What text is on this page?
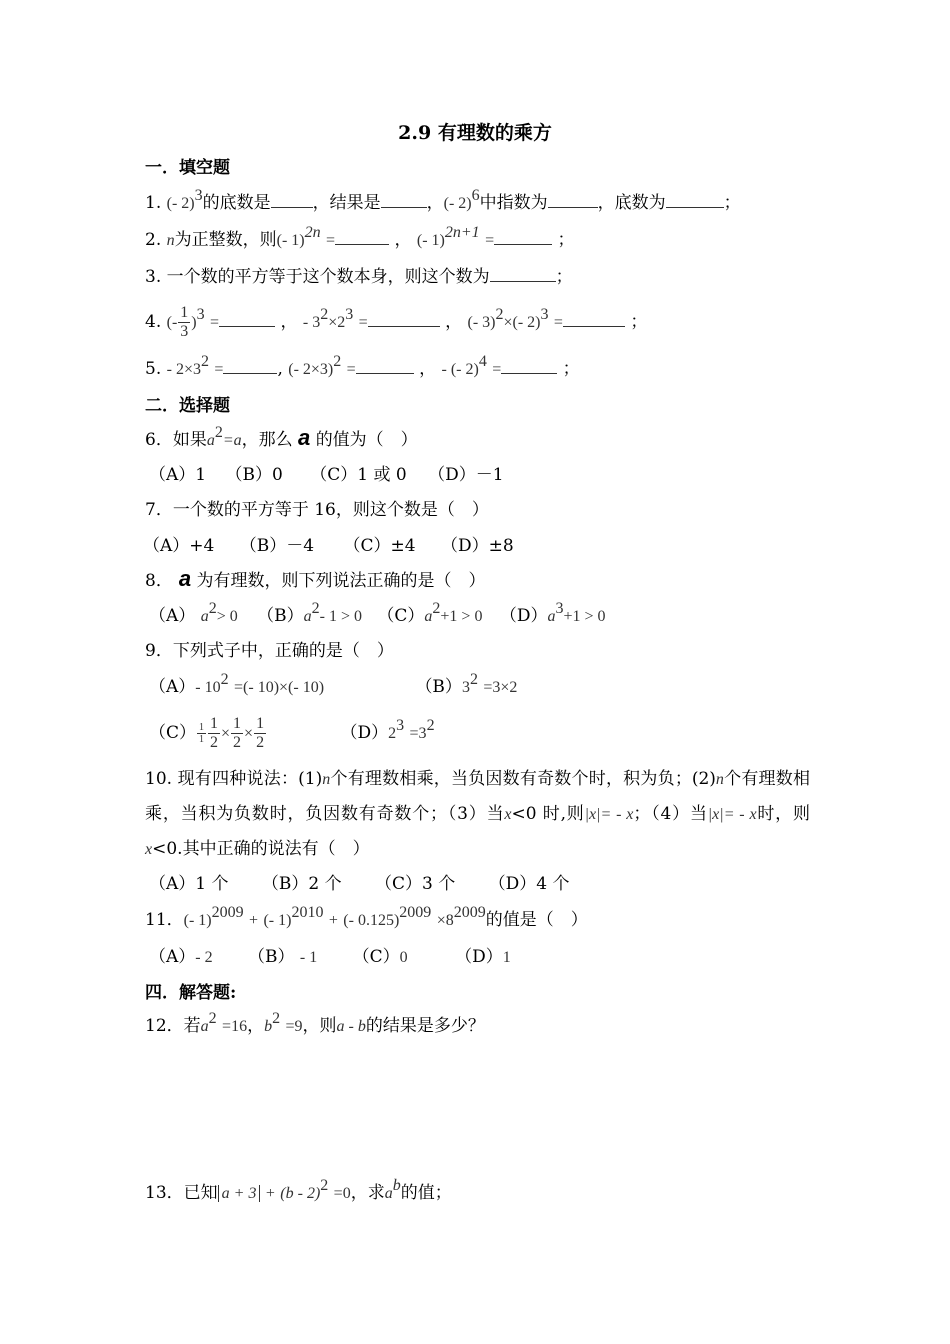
2.9 有理数的乘方
一．填空题
1. (- 2)$^3$的底数是 ，结果是	，(- 2)$^6$中指数为	，底数为	；
2. n为正整数，则(- 1)$^{2n}$ =	， (- 1)$^{2n+1}$ =	；
3. 一个数的平方等于这个数本身，则这个数为	；
4. (- $\frac{1}{3} )^3$ =	， - $3^2\times 2^3$ =	， (- 3)$^2$×(- 2)$^3$ =	；
5. - $2\times 3^2$ =	, (- 2×3)$^2$ =	， - (- 2)$^4$ =	；
二．选择题
6．如果$a^2=a$，那么 a 的值为（　）
（A）1 （B）0 （C）1 或 0 （D）－1
7．一个数的平方等于 16，则这个数是（　）
（A）+4 （B）－4 （C）±4 （D）±8
8． a 为有理数，则下列说法正确的是（　）
（A） $a^2> 0$ $(B)a^2-$ 1 > 0 $(C)a^2+1 > 0$ $(D)a^3+1 > 0$
9．下列式子中，正确的是（　）
（A）- $10^2$ =(- 10)×(- 10)	$(B)3^2 =3\times 2$
$(C) \frac{1}{1} \frac{1}{2} \times \frac{1}{2} \times \frac{1}{2}$	$(D)2^3 =3^2$
10. 现有四种说法：(1)n个有理数相乘，当负因数有奇数个时，积为负；(2)n个有理数相乘，当积为负数时，负因数有奇数个；（3）当x<0 时,则|x|= - x；（4）当|x|= - x时，则x<0.其中正确的说法有（　）
（A）1 个 （B）2 个 （C）3 个 （D）4 个
11．(- 1)$^{2009}$ + (- 1)$^{2010}$ + (- $0.125)^{2009} \times 8^{2009}$的值是（　）
（A）- 2 （B） - 1 （C）0	（D）1
四．解答题:
12．若$a^2 =16$，$b^2 =9$，则a - b的结果是多少？
13．已知 a + 3 + (b - 2)$^2$ =0，求$a^b$的值；
